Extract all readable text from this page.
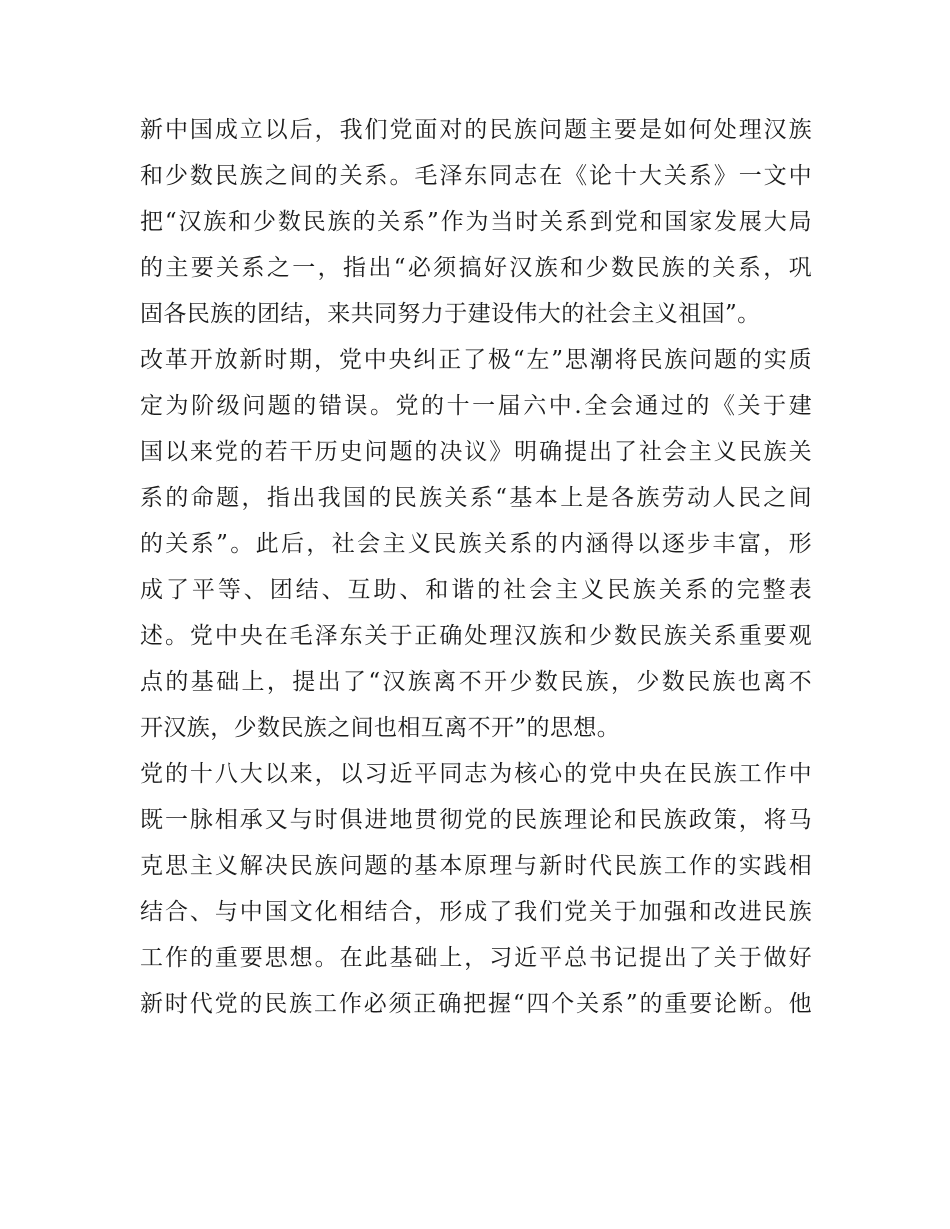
新中国成立以后，我们党面对的民族问题主要是如何处理汉族
和少数民族之间的关系。毛泽东同志在《论十大关系》一文中
把“汉族和少数民族的关系”作为当时关系到党和国家发展大局
的主要关系之一，指出“必须搞好汉族和少数民族的关系，巩
固各民族的团结，来共同努力于建设伟大的社会主义祖国”。
改革开放新时期，党中央纠正了极“左”思潮将民族问题的实质
定为阶级问题的错误。党的十一届六中.全会通过的《关于建
国以来党的若干历史问题的决议》明确提出了社会主义民族关
系的命题，指出我国的民族关系“基本上是各族劳动人民之间
的关系”。此后，社会主义民族关系的内涵得以逐步丰富，形
成了平等、团结、互助、和谐的社会主义民族关系的完整表
述。党中央在毛泽东关于正确处理汉族和少数民族关系重要观
点的基础上，提出了“汉族离不开少数民族，少数民族也离不
开汉族，少数民族之间也相互离不开”的思想。
党的十八大以来，以习近平同志为核心的党中央在民族工作中
既一脉相承又与时俱进地贯彻党的民族理论和民族政策，将马
克思主义解决民族问题的基本原理与新时代民族工作的实践相
结合、与中国文化相结合，形成了我们党关于加强和改进民族
工作的重要思想。在此基础上，习近平总书记提出了关于做好
新时代党的民族工作必须正确把握“四个关系”的重要论断。他
